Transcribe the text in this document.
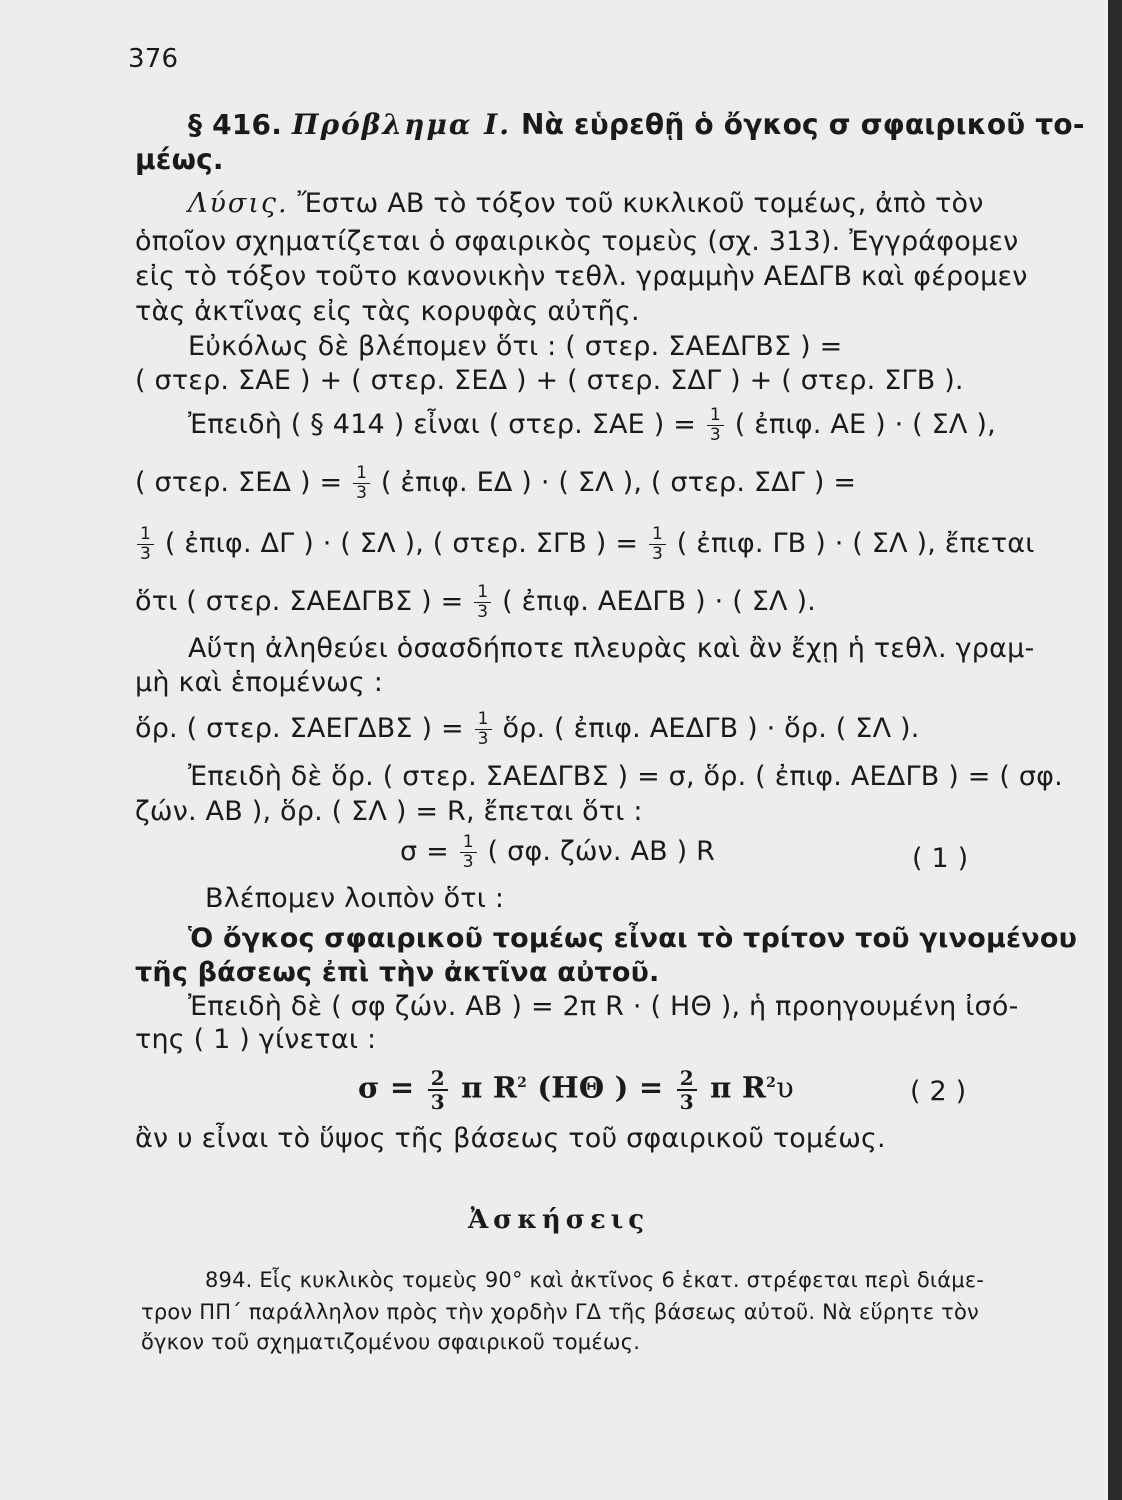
376
§ 416. Πρόβλημα Ι. Νὰ εὑρεθῇ ὁ ὄγκος σ σφαιρικοῦ το-
μέως.
Λύσις. Ἔστω ΑΒ τὸ τόξον τοῦ κυκλικοῦ τομέως, ἀπὸ τὸν
ὁποῖον σχηματίζεται ὁ σφαιρικὸς τομεὺς (σχ. 313). Ἐγγράφομεν
εἰς τὸ τόξον τοῦτο κανονικὴν τεθλ. γραμμὴν ΑΕΔΓΒ καὶ φέρομεν
τὰς ἀκτῖνας εἰς τὰς κορυφὰς αὐτῆς.
Εὐκόλως δὲ βλέπομεν ὅτι : ( στερ. ΣΑΕΔΓΒΣ ) =
( στερ. ΣΑΕ ) + ( στερ. ΣΕΔ ) + ( στερ. ΣΔΓ ) + ( στερ. ΣΓΒ ).
Ἐπειδὴ ( § 414 ) εἶναι ( στερ. ΣΑΕ ) = $\frac{1}{3}$ ( ἐπιφ. ΑΕ ) · ( ΣΛ ),
( στερ. ΣΕΔ ) = $\frac{1}{3}$ ( ἐπιφ. ΕΔ ) · ( ΣΛ ), ( στερ. ΣΔΓ ) =
$\frac{1}{3}$ ( ἐπιφ. ΔΓ ) · ( ΣΛ ), ( στερ. ΣΓΒ ) = $\frac{1}{3}$ ( ἐπιφ. ΓΒ ) · ( ΣΛ ), ἔπεται
ὅτι ( στερ. ΣΑΕΔΓΒΣ ) = $\frac{1}{3}$ ( ἐπιφ. ΑΕΔΓΒ ) · ( ΣΛ ).
Αὕτη ἀληθεύει ὁσασδήποτε πλευρὰς καὶ ἂν ἔχῃ ἡ τεθλ. γραμ-
μὴ καὶ ἑπομένως :
ὅρ. ( στερ. ΣΑΕΓΔΒΣ ) = $\frac{1}{3}$ ὅρ. ( ἐπιφ. ΑΕΔΓΒ ) · ὅρ. ( ΣΛ ).
Ἐπειδὴ δὲ ὅρ. ( στερ. ΣΑΕΔΓΒΣ ) = σ, ὅρ. ( ἐπιφ. ΑΕΔΓΒ ) = ( σφ.
ζών. ΑΒ ), ὅρ. ( ΣΛ ) = R, ἔπεται ὅτι :
$\sigma = \frac{1}{3}$ ( σφ. ζών. ΑΒ ) R	( 1 )
Βλέπομεν λοιπὸν ὅτι :
Ὁ ὄγκος σφαιρικοῦ τομέως εἶναι τὸ τρίτον τοῦ γινομένου
τῆς βάσεως ἐπὶ τὴν ἀκτῖνα αὐτοῦ.
Ἐπειδὴ δὲ ( σφ ζών. ΑΒ ) = 2π R · ( ΗΘ ), ἡ προηγουμένη ἰσό-
της ( 1 ) γίνεται :
$\sigma = \frac{2}{3}$ π $R^2$ (ΗΘ ) = $\frac{2}{3}$ π $R^2\upsilon$	( 2 )
ἂν υ εἶναι τὸ ὕψος τῆς βάσεως τοῦ σφαιρικοῦ τομέως.
Ἀσκήσεις
894. Εἷς κυκλικὸς τομεὺς 90° καὶ ἀκτῖνος 6 ἑκατ. στρέφεται περὶ διάμε-
τρον ΠΠ΄ παράλληλον πρὸς τὴν χορδὴν ΓΔ τῆς βάσεως αὐτοῦ. Νὰ εὕρητε τὸν
ὄγκον τοῦ σχηματιζομένου σφαιρικοῦ τομέως.
